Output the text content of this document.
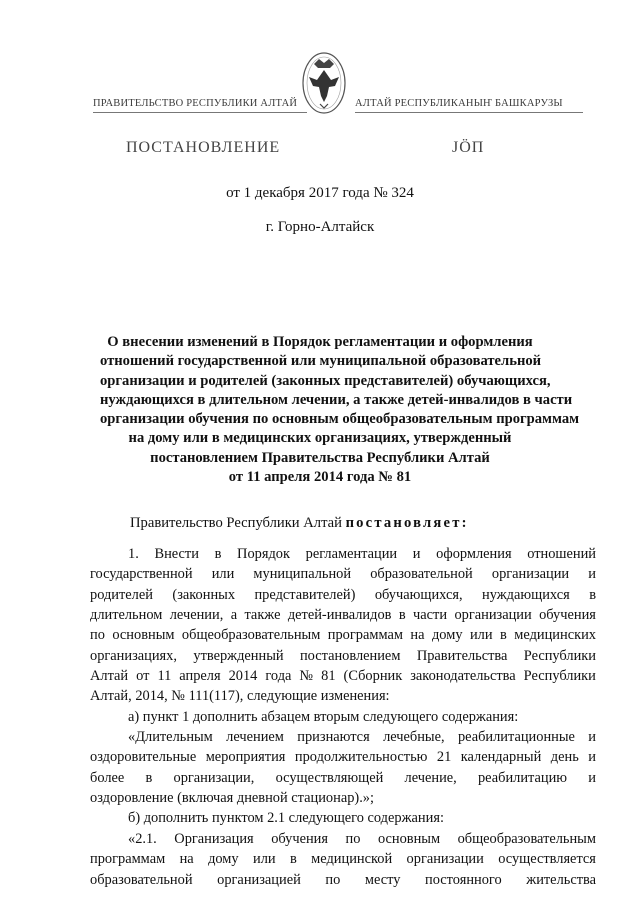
ПРАВИТЕЛЬСТВО РЕСПУБЛИКИ АЛТАЙ	АЛТАЙ РЕСПУБЛИКАНЫҤ БАШКАРУЗЫ
ПОСТАНОВЛЕНИЕ	JӦП
от 1 декабря 2017 года № 324
г. Горно-Алтайск
О внесении изменений в Порядок регламентации и оформления
отношений государственной или муниципальной образовательной
организации и родителей (законных представителей) обучающихся,
нуждающихся в длительном лечении, а также детей-инвалидов в части
организации обучения по основным общеобразовательным программам
на дому или в медицинских организациях, утвержденный
постановлением Правительства Республики Алтай
от 11 апреля 2014 года № 81
Правительство Республики Алтай постановляет:
1. Внести в Порядок регламентации и оформления отношений
государственной или муниципальной образовательной организации и
родителей (законных представителей) обучающихся, нуждающихся в
длительном лечении, а также детей-инвалидов в части организации обучения
по основным общеобразовательным программам на дому или в медицинских
организациях, утвержденный постановлением Правительства Республики
Алтай от 11 апреля 2014 года № 81 (Сборник законодательства Республики
Алтай, 2014, № 111(117), следующие изменения:
а) пункт 1 дополнить абзацем вторым следующего содержания:
«Длительным лечением признаются лечебные, реабилитационные и
оздоровительные мероприятия продолжительностью 21 календарный день и
более в организации, осуществляющей лечение, реабилитацию и
оздоровление (включая дневной стационар).»;
б) дополнить пунктом 2.1 следующего содержания:
«2.1. Организация обучения по основным общеобразовательным
программам на дому или в медицинской организации осуществляется
образовательной организацией по месту постоянного жительства
